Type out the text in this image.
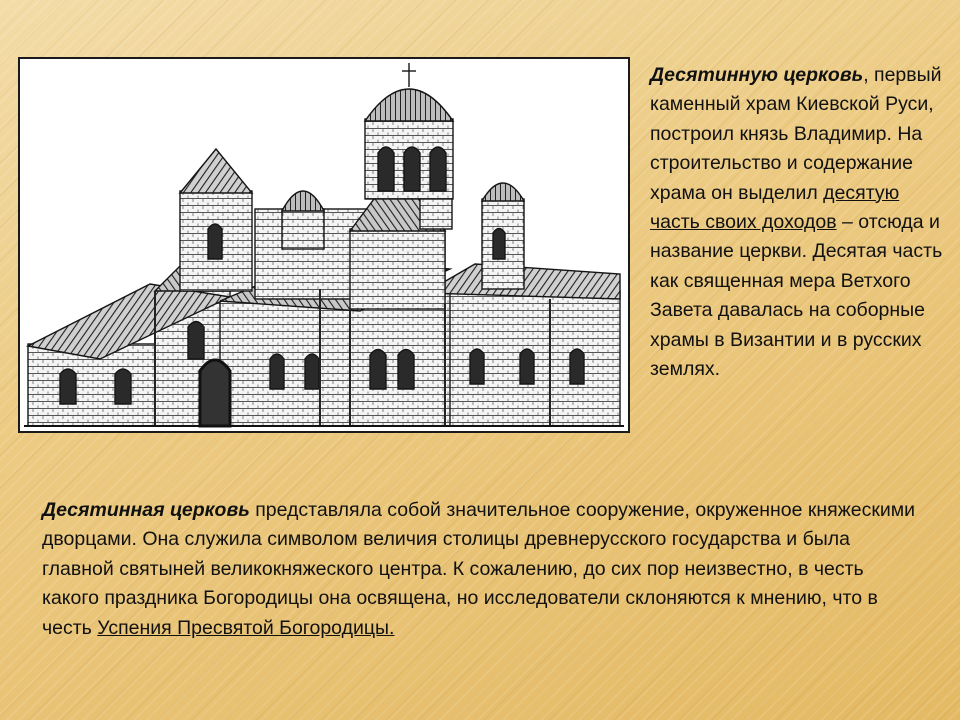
Десятинную церковь, первый каменный храм Киевской Руси, построил князь Владимир. На строительство и содержание храма он выделил десятую часть своих доходов – отсюда и название церкви. Десятая часть как священная мера Ветхого Завета давалась на соборные храмы в Византии и в русских землях.
Десятинная церковь представляла собой значительное сооружение, окруженное княжескими дворцами. Она служила символом величия столицы древнерусского государства и была главной святыней великокняжеского центра. К сожалению, до сих пор неизвестно, в честь какого праздника Богородицы она освящена, но исследователи склоняются к мнению, что в честь Успения Пресвятой Богородицы.
